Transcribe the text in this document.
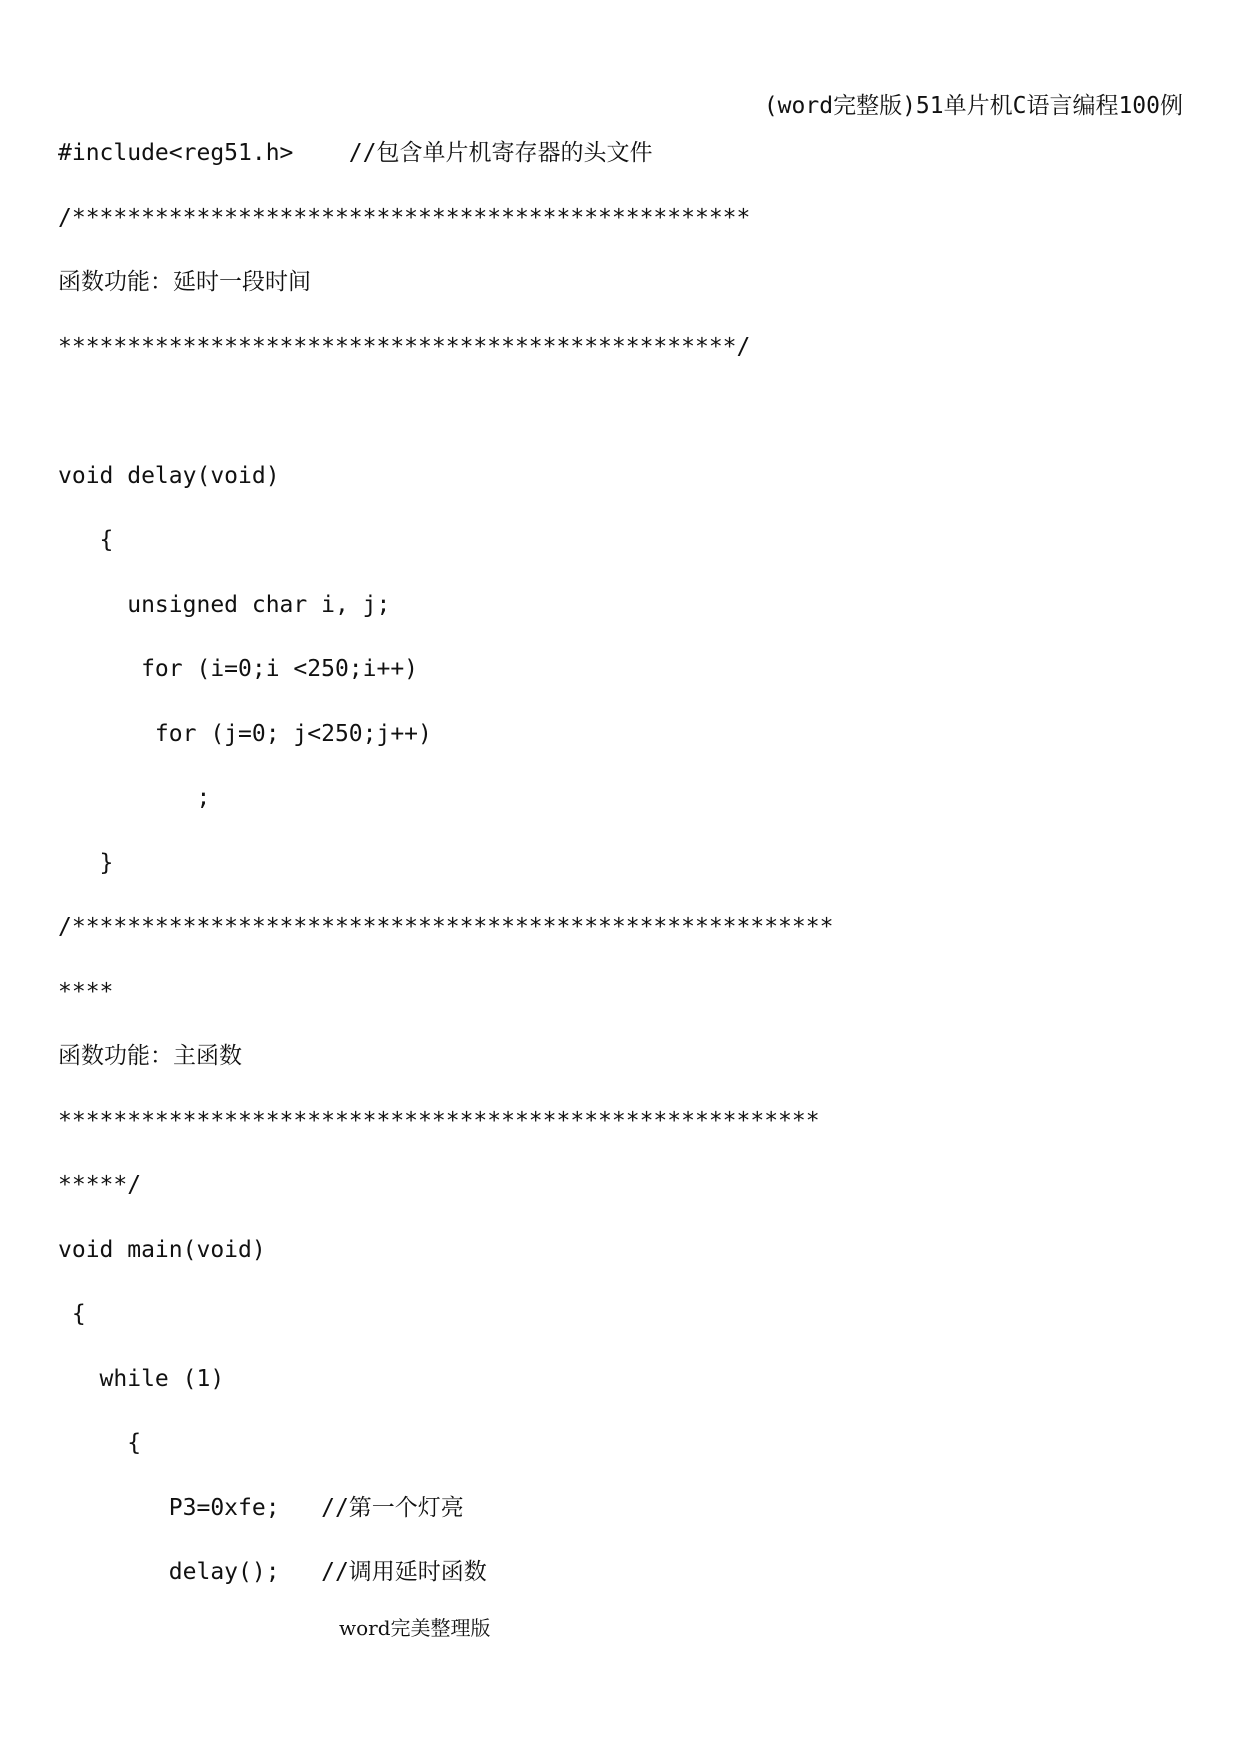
(word完整版)51单片机C语言编程100例
#include<reg51.h>    //包含单片机寄存器的头文件
/*************************************************
函数功能：延时一段时间
*************************************************/
void delay(void)
{
unsigned char i, j;
for (i=0;i <250;i++)
for (j=0; j<250;j++)
;
}
/*******************************************************
****
函数功能：主函数
*******************************************************
*****/
void main(void)
{
while (1)
{
P3=0xfe;   //第一个灯亮
delay();   //调用延时函数
word完美整理版
